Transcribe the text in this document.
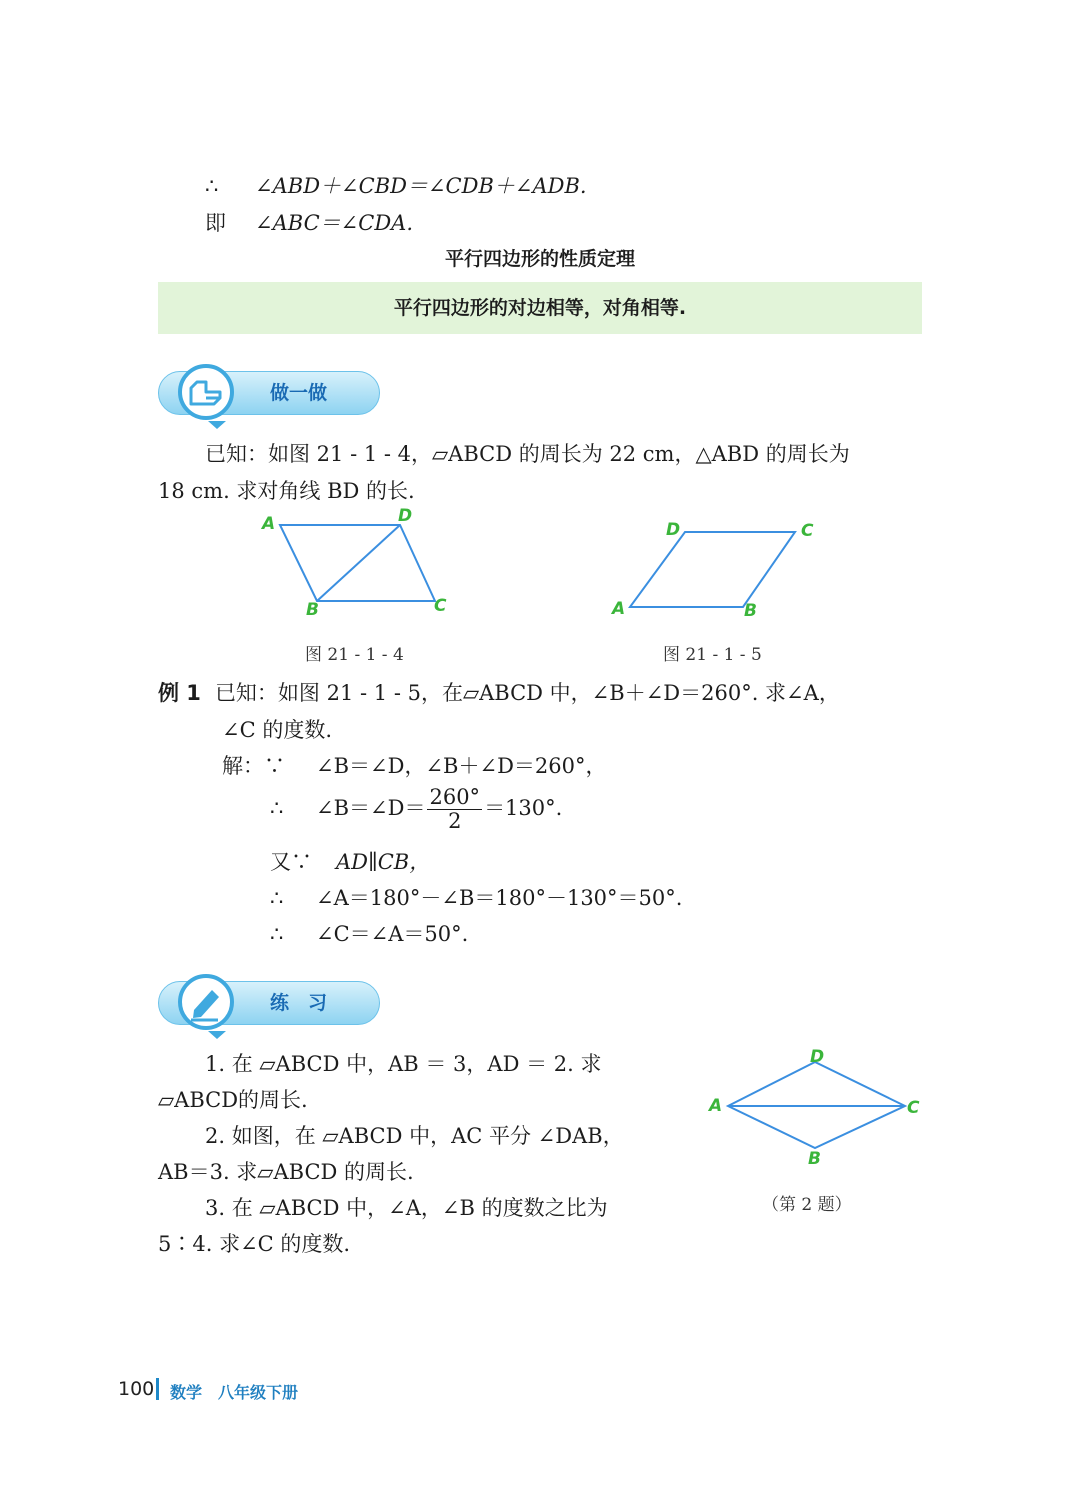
∴ ∠ABD＋∠CBD＝∠CDB＋∠ADB.
即 ∠ABC＝∠CDA.
平行四边形的性质定理
平行四边形的对边相等，对角相等.
做一做
已知：如图 21 - 1 - 4，▱ABCD 的周长为 22 cm，△ABD 的周长为
18 cm. 求对角线 BD 的长.
A	D
C
B
图 21 - 1 - 4
A	B
C
D
图 21 - 1 - 5
例 1 已知：如图 21 - 1 - 5，在▱ABCD 中，∠B＋∠D＝260°. 求∠A，
∠C 的度数.
解：∵ ∠B＝∠D，∠B＋∠D＝260°，
∴ ∠B＝∠D＝ $\frac{260^\circ}{2} =130^\circ$.
又∵ AD∥CB，
∴ ∠A＝180°－∠B＝180°－130°＝50°.
∴ ∠C＝∠A＝50°.
练　习
1. 在 ▱ABCD 中，AB ＝ 3，AD ＝ 2. 求
▱ABCD的周长.
2. 如图，在 ▱ABCD 中，AC 平分 ∠DAB，
AB＝3. 求▱ABCD 的周长.
3. 在 ▱ABCD 中，∠A，∠B 的度数之比为
5∶4. 求∠C 的度数.
A
D
C
B
（第 2 题）
100 数学　八年级下册
